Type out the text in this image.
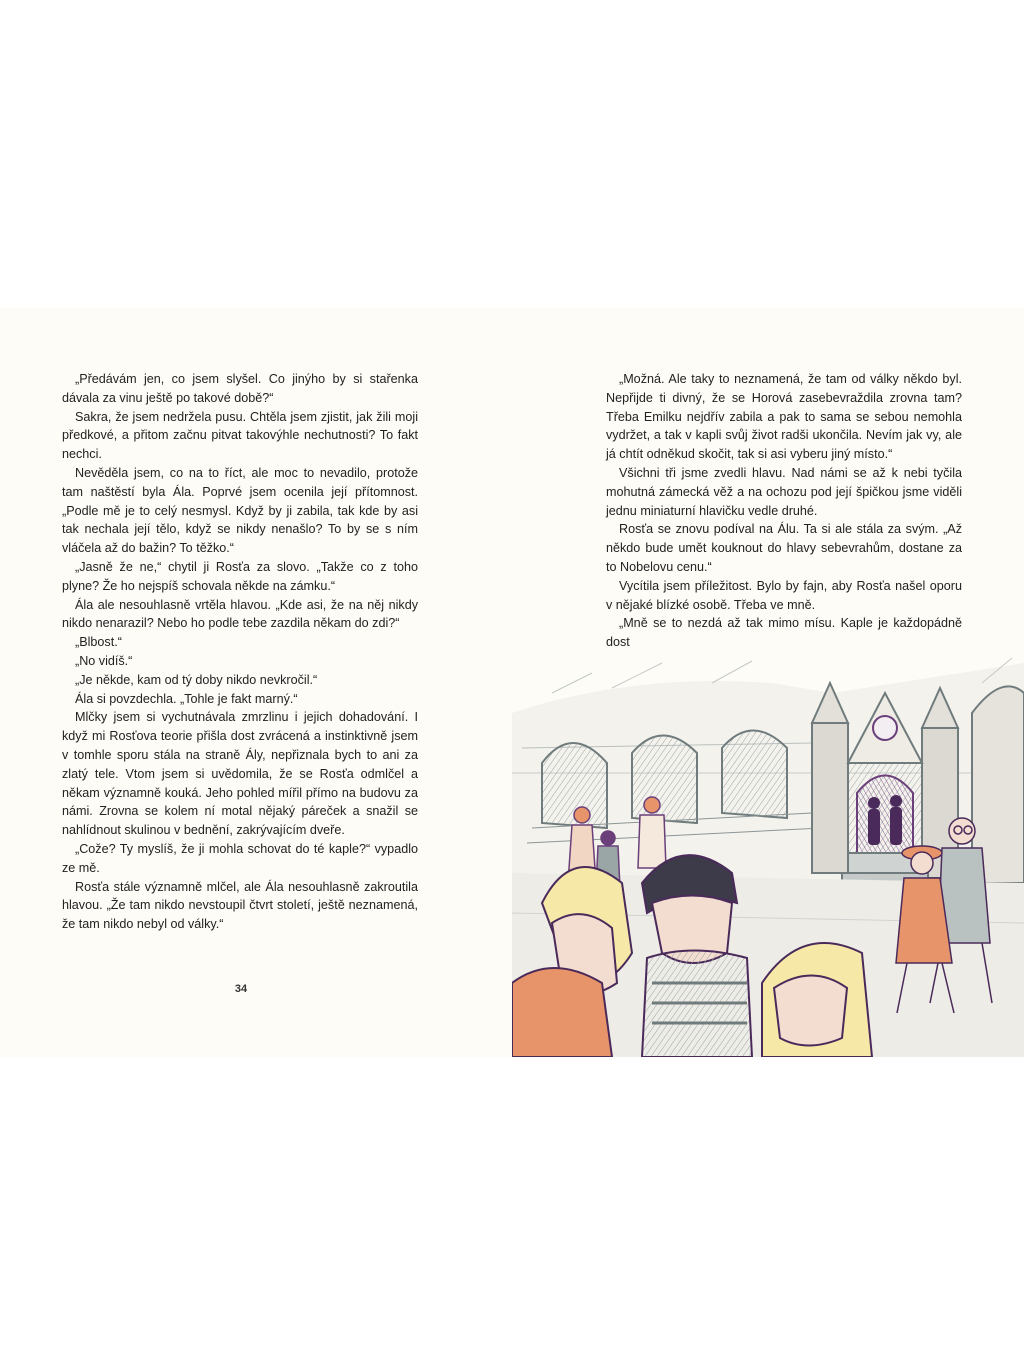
„Předávám jen, co jsem slyšel. Co jinýho by si stařenka dávala za vinu ještě po takové době?“

Sakra, že jsem nedržela pusu. Chtěla jsem zjistit, jak žili moji předkové, a přitom začnu pitvat takovýhle nechutnosti? To fakt nechci.

Nevěděla jsem, co na to říct, ale moc to nevadilo, protože tam naštěstí byla Ála. Poprvé jsem ocenila její přítomnost. „Podle mě je to celý nesmysl. Když by ji zabila, tak kde by asi tak nechala její tělo, když se nikdy nenašlo? To by se s ním vláčela až do bažin? To těžko.“

„Jasně že ne,“ chytil ji Rosťa za slovo. „Takže co z toho plyne? Že ho nejspíš schovala někde na zámku.“

Ála ale nesouhlasně vrtěla hlavou. „Kde asi, že na něj nikdy nikdo nenarazil? Nebo ho podle tebe zazdila někam do zdi?“

„Blbost.“

„No vidíš.“

„Je někde, kam od tý doby nikdo nevkročil.“

Ála si povzdechla. „Tohle je fakt marný.“

Mlčky jsem si vychutnávala zmrzlinu i jejich dohadování. I když mi Rosťova teorie přišla dost zvrácená a instinktivně jsem v tomhle sporu stála na straně Ály, nepřiznala bych to ani za zlatý tele. Vtom jsem si uvědomila, že se Rosťa odmlčel a někam významně kouká. Jeho pohled mířil přímo na budovu za námi. Zrovna se kolem ní motal nějaký páreček a snažil se nahlídnout skulinou v bednění, zakrývajícím dveře.

„Cože? Ty myslíš, že ji mohla schovat do té kaple?“ vypadlo ze mě.

Rosťa stále významně mlčel, ale Ála nesouhlasně zakroutila hlavou. „Že tam nikdo nevstoupil čtvrt století, ještě neznamená, že tam nikdo nebyl od války.“

34

„Možná. Ale taky to neznamená, že tam od války někdo byl. Nepřijde ti divný, že se Horová zasebevraždila zrovna tam? Třeba Emilku nejdřív zabila a pak to sama se sebou nemohla vydržet, a tak v kapli svůj život radši ukončila. Nevím jak vy, ale já chtít odněkud skočit, tak si asi vyberu jiný místo.“

Všichni tři jsme zvedli hlavu. Nad námi se až k nebi tyčila mohutná zámecká věž a na ochozu pod její špičkou jsme viděli jednu miniaturní hlavičku vedle druhé.

Rosťa se znovu podíval na Álu. Ta si ale stála za svým. „Až někdo bude umět kouknout do hlavy sebevrahům, dostane za to Nobelovu cenu.“

Vycítila jsem příležitost. Bylo by fajn, aby Rosťa našel oporu v nějaké blízké osobě. Třeba ve mně.

„Mně se to nezdá až tak mimo mísu. Kaple je každopádně dost
